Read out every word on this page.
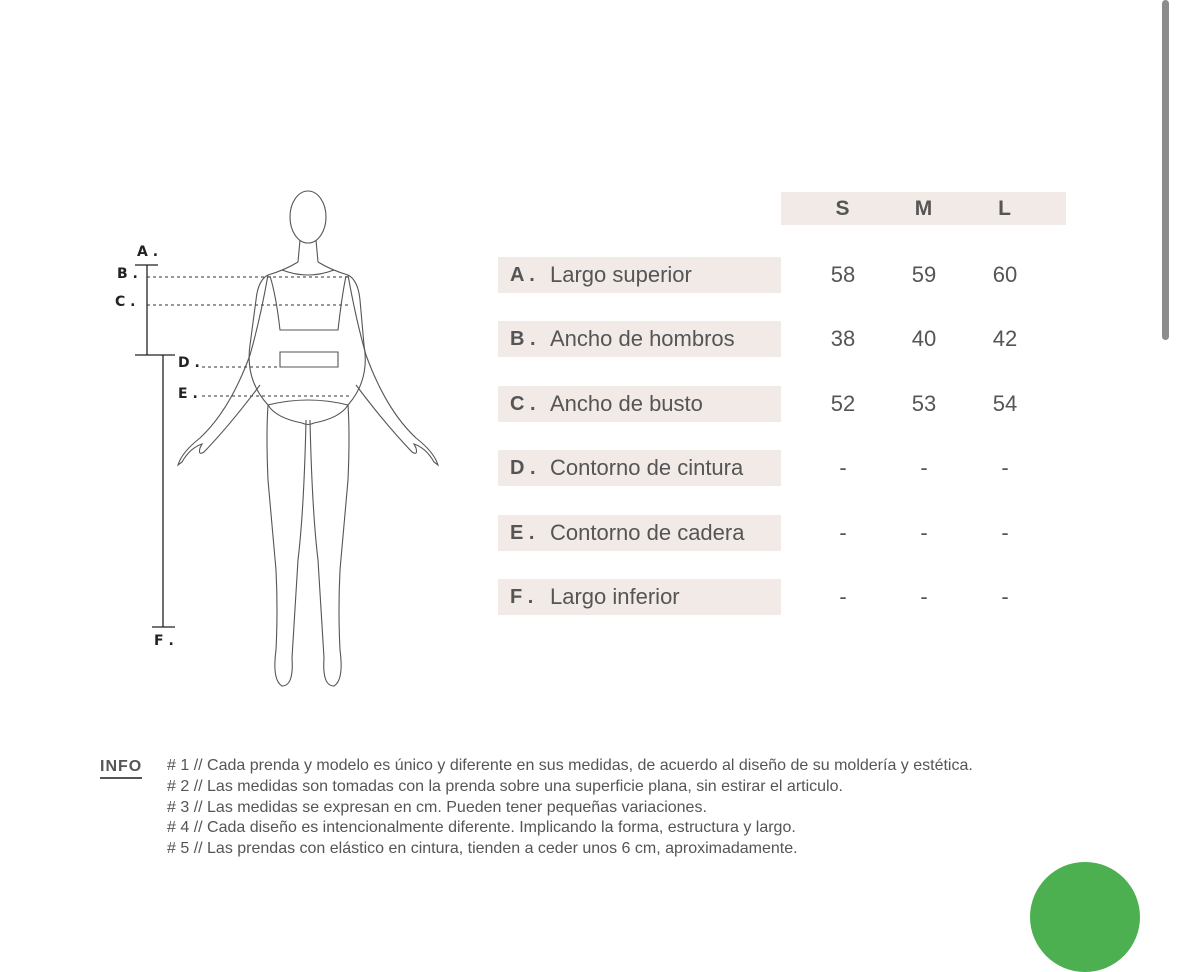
A .
B .
C .
D .
E .
F .
S	M	L
A . Largo superior	58	59	60
B . Ancho de hombros	38	40	42
C . Ancho de busto	52	53	54
D . Contorno de cintura	-	-	-
E . Contorno de cadera	-	-	-
F . Largo inferior	-	-	-
INFO # 1 // Cada prenda y modelo es único y diferente en sus medidas, de acuerdo al diseño de su moldería y estética.
# 2 // Las medidas son tomadas con la prenda sobre una superficie plana, sin estirar el articulo.
# 3 // Las medidas se expresan en cm. Pueden tener pequeñas variaciones.
# 4 // Cada diseño es intencionalmente diferente. Implicando la forma, estructura y largo.
# 5 // Las prendas con elástico en cintura, tienden a ceder unos 6 cm, aproximadamente.
